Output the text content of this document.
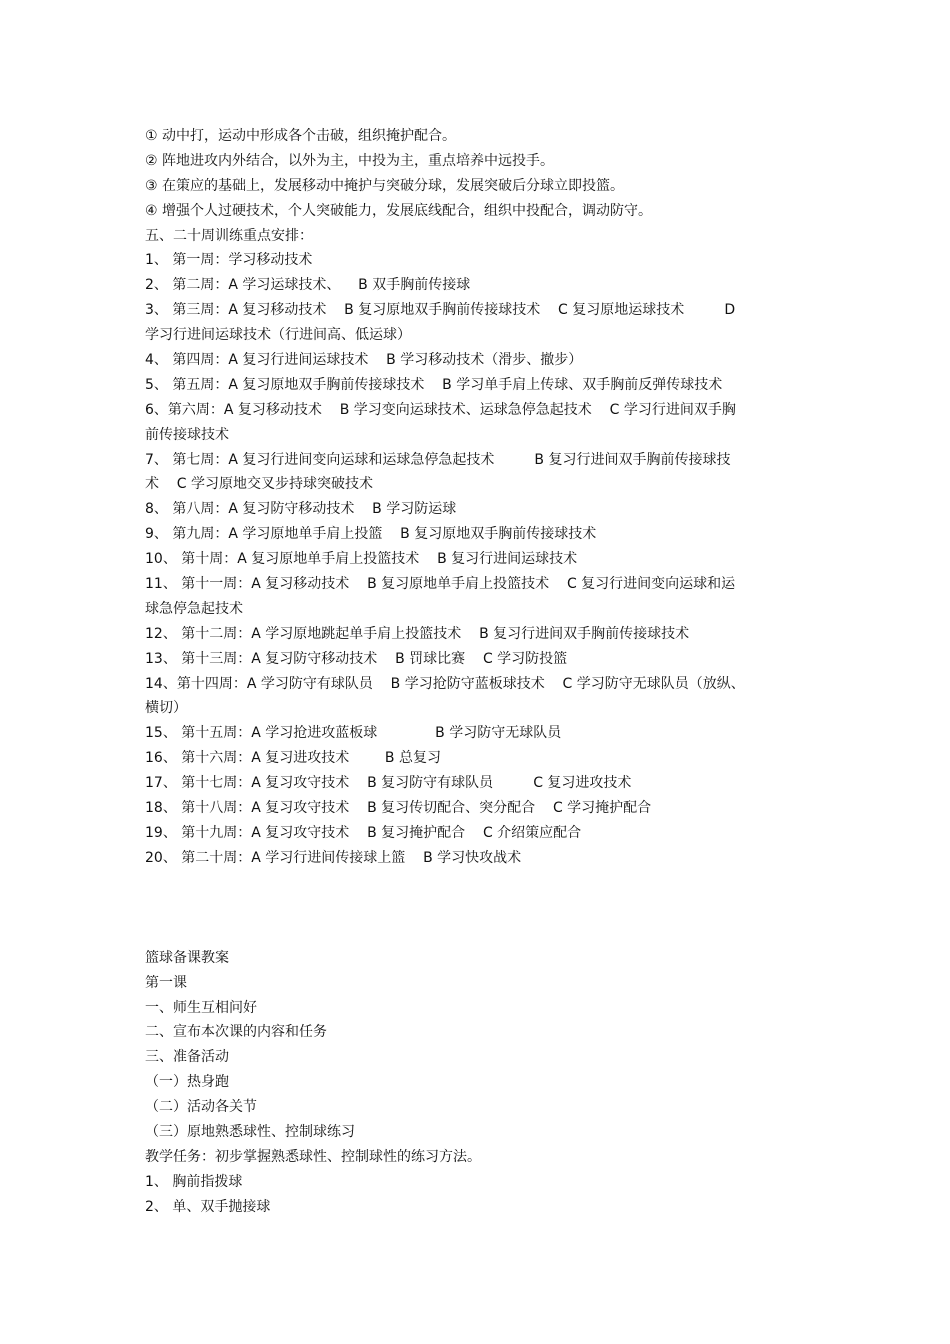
① 动中打，运动中形成各个击破，组织掩护配合。
② 阵地进攻内外结合，以外为主，中投为主，重点培养中远投手。
③ 在策应的基础上，发展移动中掩护与突破分球，发展突破后分球立即投篮。
④ 增强个人过硬技术，个人突破能力，发展底线配合，组织中投配合，调动防守。
五、二十周训练重点安排：
1、 第一周：学习移动技术
2、 第二周：A 学习运球技术、    B 双手胸前传接球
3、 第三周：A 复习移动技术    B 复习原地双手胸前传接球技术    C 复习原地运球技术         D
学习行进间运球技术（行进间高、低运球）
4、 第四周：A 复习行进间运球技术    B 学习移动技术（滑步、撤步）
5、 第五周：A 复习原地双手胸前传接球技术    B 学习单手肩上传球、双手胸前反弹传球技术
6、第六周：A 复习移动技术    B 学习变向运球技术、运球急停急起技术    C 学习行进间双手胸
前传接球技术
7、 第七周：A 复习行进间变向运球和运球急停急起技术         B 复习行进间双手胸前传接球技
术    C 学习原地交叉步持球突破技术
8、 第八周：A 复习防守移动技术    B 学习防运球
9、 第九周：A 学习原地单手肩上投篮    B 复习原地双手胸前传接球技术
10、 第十周：A 复习原地单手肩上投篮技术    B 复习行进间运球技术
11、 第十一周：A 复习移动技术    B 复习原地单手肩上投篮技术    C 复习行进间变向运球和运
球急停急起技术
12、 第十二周：A 学习原地跳起单手肩上投篮技术    B 复习行进间双手胸前传接球技术
13、 第十三周：A 复习防守移动技术    B 罚球比赛    C 学习防投篮
14、第十四周：A 学习防守有球队员    B 学习抢防守蓝板球技术    C 学习防守无球队员（放纵、
横切）
15、 第十五周：A 学习抢进攻蓝板球             B 学习防守无球队员
16、 第十六周：A 复习进攻技术        B 总复习
17、 第十七周：A 复习攻守技术    B 复习防守有球队员         C 复习进攻技术
18、 第十八周：A 复习攻守技术    B 复习传切配合、突分配合    C 学习掩护配合
19、 第十九周：A 复习攻守技术    B 复习掩护配合    C 介绍策应配合
20、 第二十周：A 学习行进间传接球上篮    B 学习快攻战术
篮球备课教案
第一课
一、师生互相问好
二、宣布本次课的内容和任务
三、准备活动
（一）热身跑
（二）活动各关节
（三）原地熟悉球性、控制球练习
教学任务：初步掌握熟悉球性、控制球性的练习方法。
1、 胸前指拨球
2、 单、双手抛接球
